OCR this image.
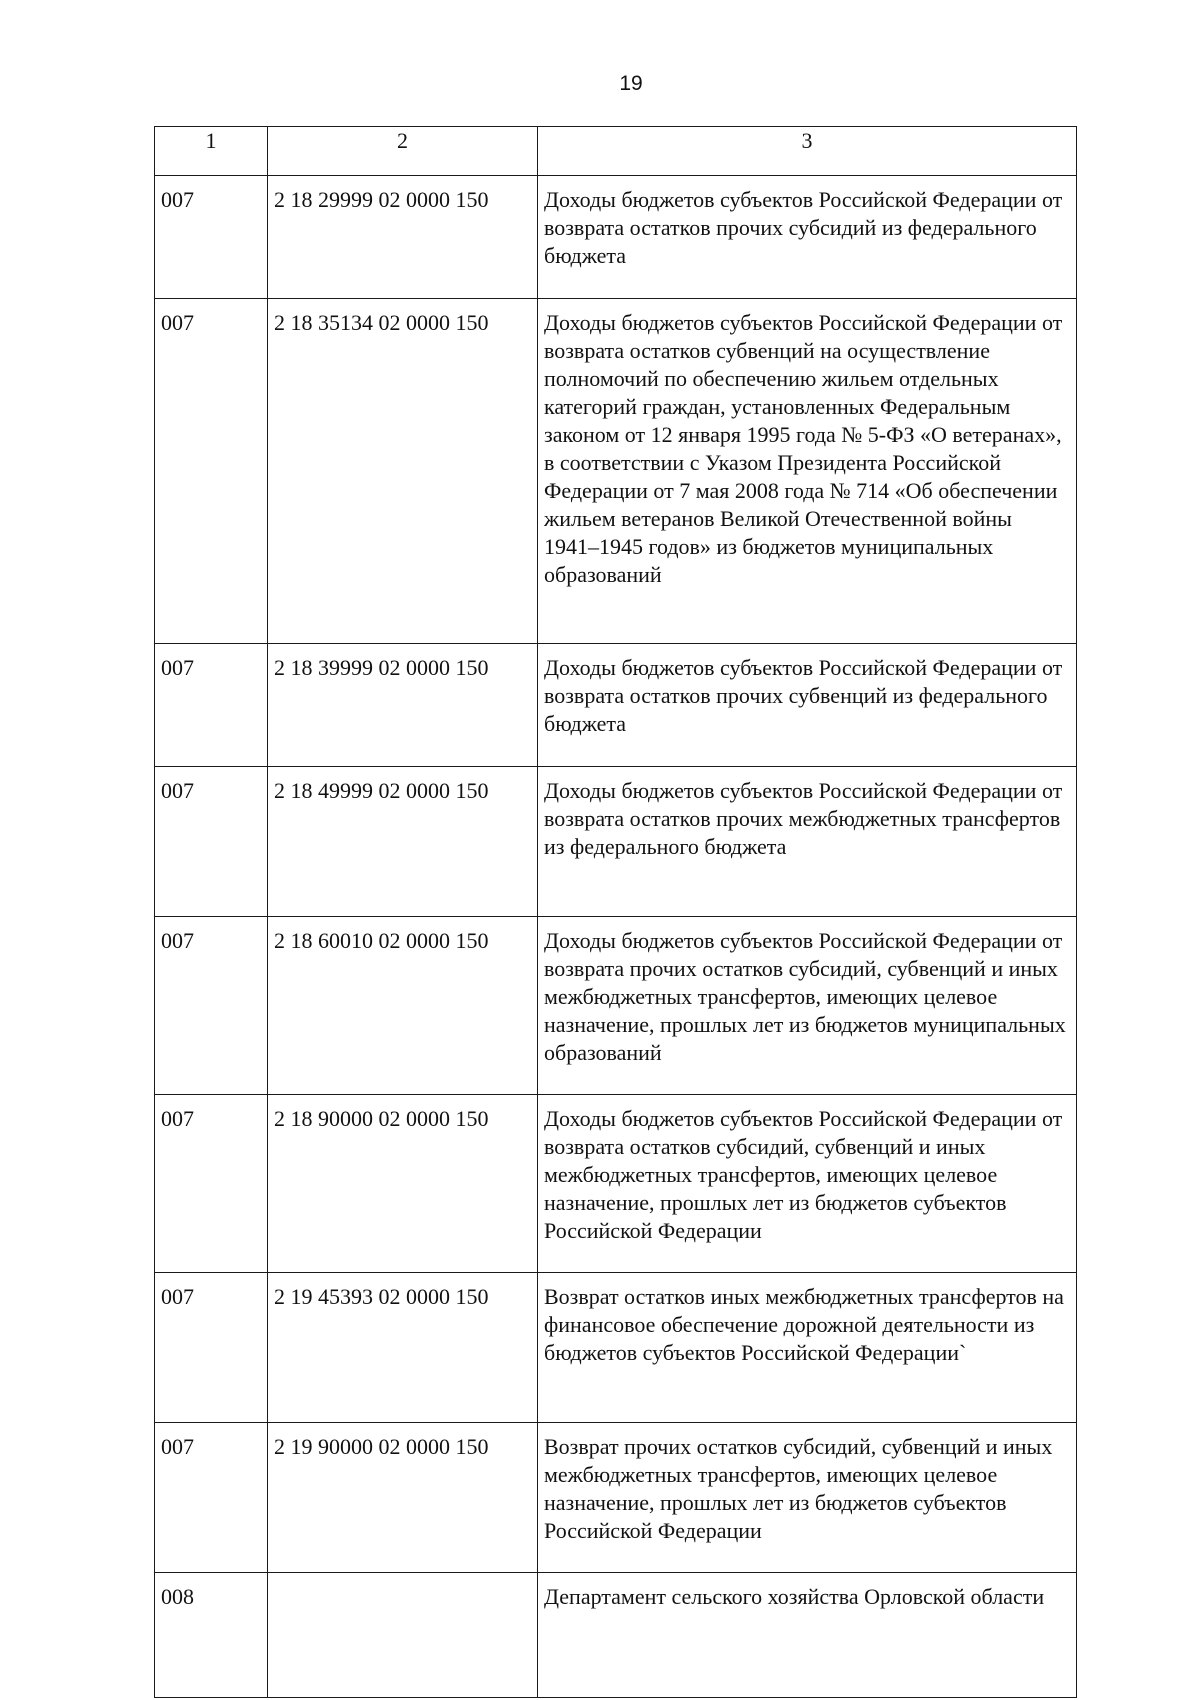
19
1	2	3
007	2 18 29999 02 0000 150	Доходы бюджетов субъектов Российской Федерации от возврата остатков прочих субсидий из федерального бюджета
007	2 18 35134 02 0000 150	Доходы бюджетов субъектов Российской Федерации от возврата остатков субвенций на осуществление полномочий по обеспечению жильем отдельных категорий граждан, установленных Федеральным законом от 12 января 1995 года № 5-ФЗ «О ветеранах», в соответствии с Указом Президента Российской Федерации от 7 мая 2008 года № 714 «Об обеспечении жильем ветеранов Великой Отечественной войны 1941–1945 годов» из бюджетов муниципальных образований
007	2 18 39999 02 0000 150	Доходы бюджетов субъектов Российской Федерации от возврата остатков прочих субвенций из федерального бюджета
007	2 18 49999 02 0000 150	Доходы бюджетов субъектов Российской Федерации от возврата остатков прочих межбюджетных трансфертов из федерального бюджета
007	2 18 60010 02 0000 150	Доходы бюджетов субъектов Российской Федерации от возврата прочих остатков субсидий, субвенций и иных межбюджетных трансфертов, имеющих целевое назначение, прошлых лет из бюджетов муниципальных образований
007	2 18 90000 02 0000 150	Доходы бюджетов субъектов Российской Федерации от возврата остатков субсидий, субвенций и иных межбюджетных трансфертов, имеющих целевое назначение, прошлых лет из бюджетов субъектов Российской Федерации
007	2 19 45393 02 0000 150	Возврат остатков иных межбюджетных трансфертов на финансовое обеспечение дорожной деятельности из бюджетов субъектов Российской Федерации`
007	2 19 90000 02 0000 150	Возврат прочих остатков субсидий, субвенций и иных межбюджетных трансфертов, имеющих целевое назначение, прошлых лет из бюджетов субъектов Российской Федерации
008		Департамент сельского хозяйства Орловской области
